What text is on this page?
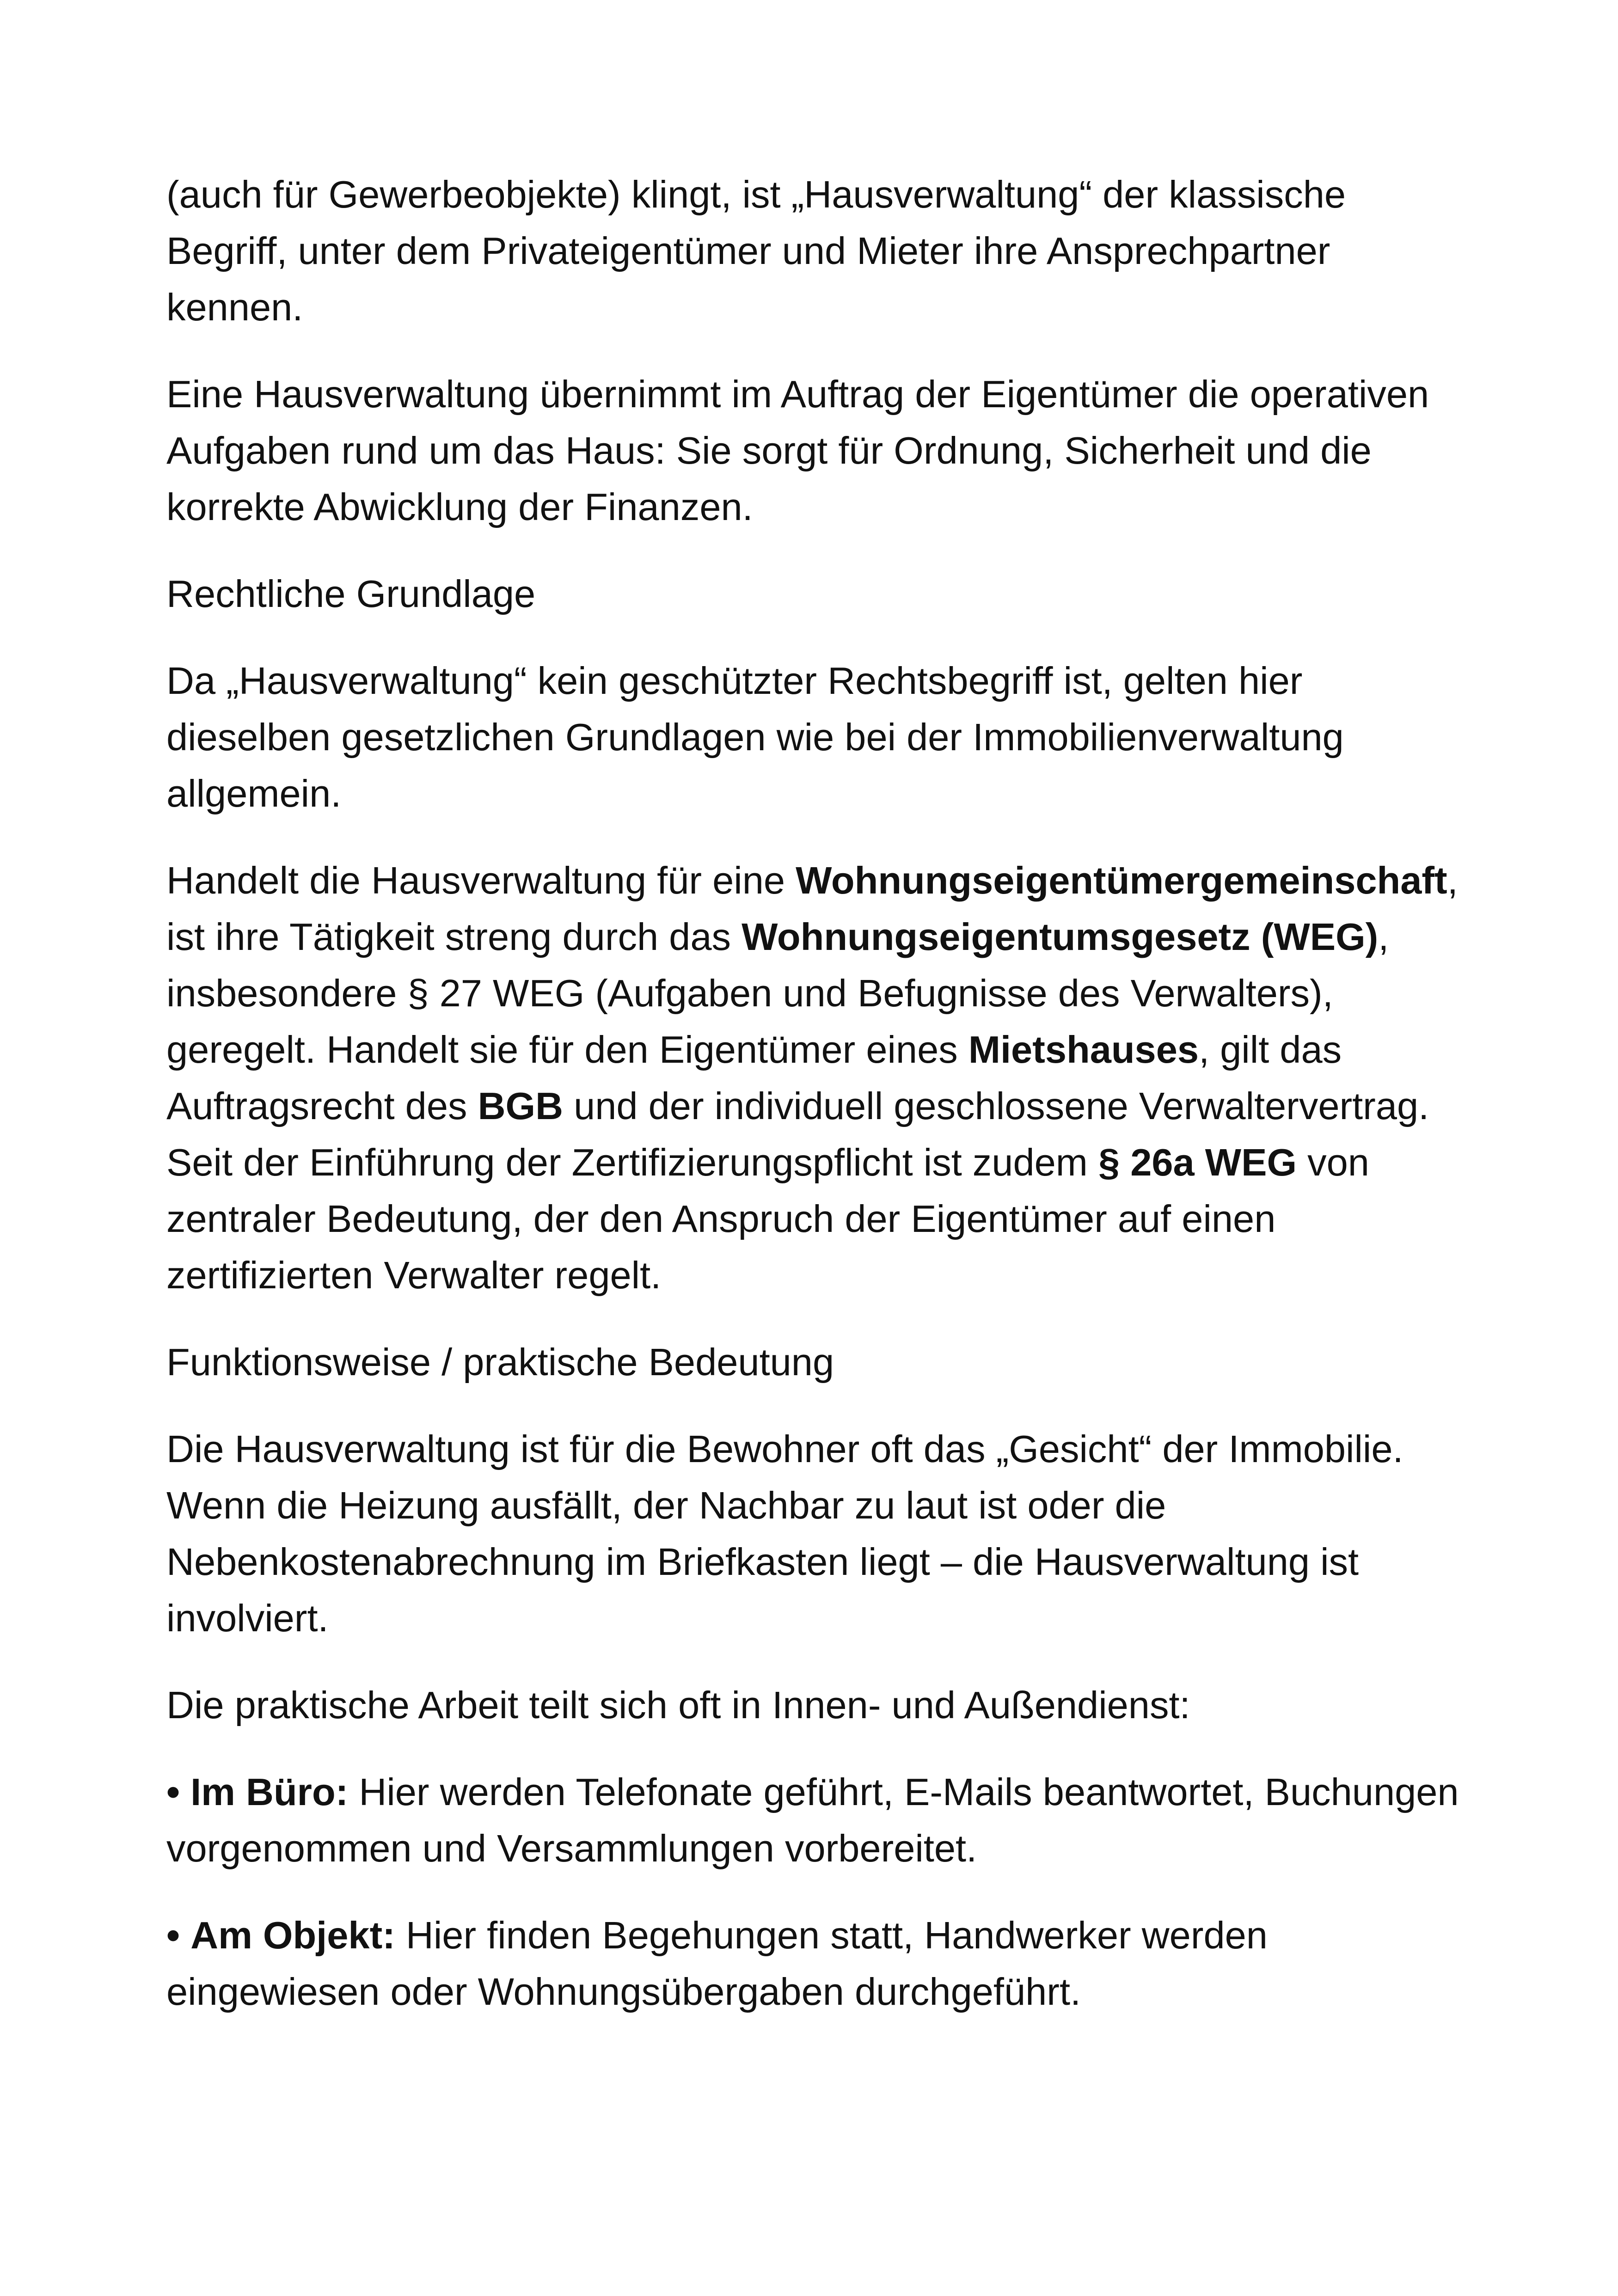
(auch für Gewerbeobjekte) klingt, ist „Hausverwaltung“ der klassische Begriff, unter dem Privateigentümer und Mieter ihre Ansprechpartner kennen.

Eine Hausverwaltung übernimmt im Auftrag der Eigentümer die operativen Aufgaben rund um das Haus: Sie sorgt für Ordnung, Sicherheit und die korrekte Abwicklung der Finanzen.

Rechtliche Grundlage

Da „Hausverwaltung“ kein geschützter Rechtsbegriff ist, gelten hier dieselben gesetzlichen Grundlagen wie bei der Immobilienverwaltung allgemein.

Handelt die Hausverwaltung für eine Wohnungseigentümergemeinschaft, ist ihre Tätigkeit streng durch das Wohnungseigentumsgesetz (WEG), insbesondere § 27 WEG (Aufgaben und Befugnisse des Verwalters), geregelt. Handelt sie für den Eigentümer eines Mietshauses, gilt das Auftragsrecht des BGB und der individuell geschlossene Verwaltervertrag. Seit der Einführung der Zertifizierungspflicht ist zudem § 26a WEG von zentraler Bedeutung, der den Anspruch der Eigentümer auf einen zertifizierten Verwalter regelt.

Funktionsweise / praktische Bedeutung

Die Hausverwaltung ist für die Bewohner oft das „Gesicht“ der Immobilie. Wenn die Heizung ausfällt, der Nachbar zu laut ist oder die Nebenkostenabrechnung im Briefkasten liegt – die Hausverwaltung ist involviert.

Die praktische Arbeit teilt sich oft in Innen- und Außendienst:

• Im Büro: Hier werden Telefonate geführt, E-Mails beantwortet, Buchungen vorgenommen und Versammlungen vorbereitet.

• Am Objekt: Hier finden Begehungen statt, Handwerker werden eingewiesen oder Wohnungsübergaben durchgeführt.
